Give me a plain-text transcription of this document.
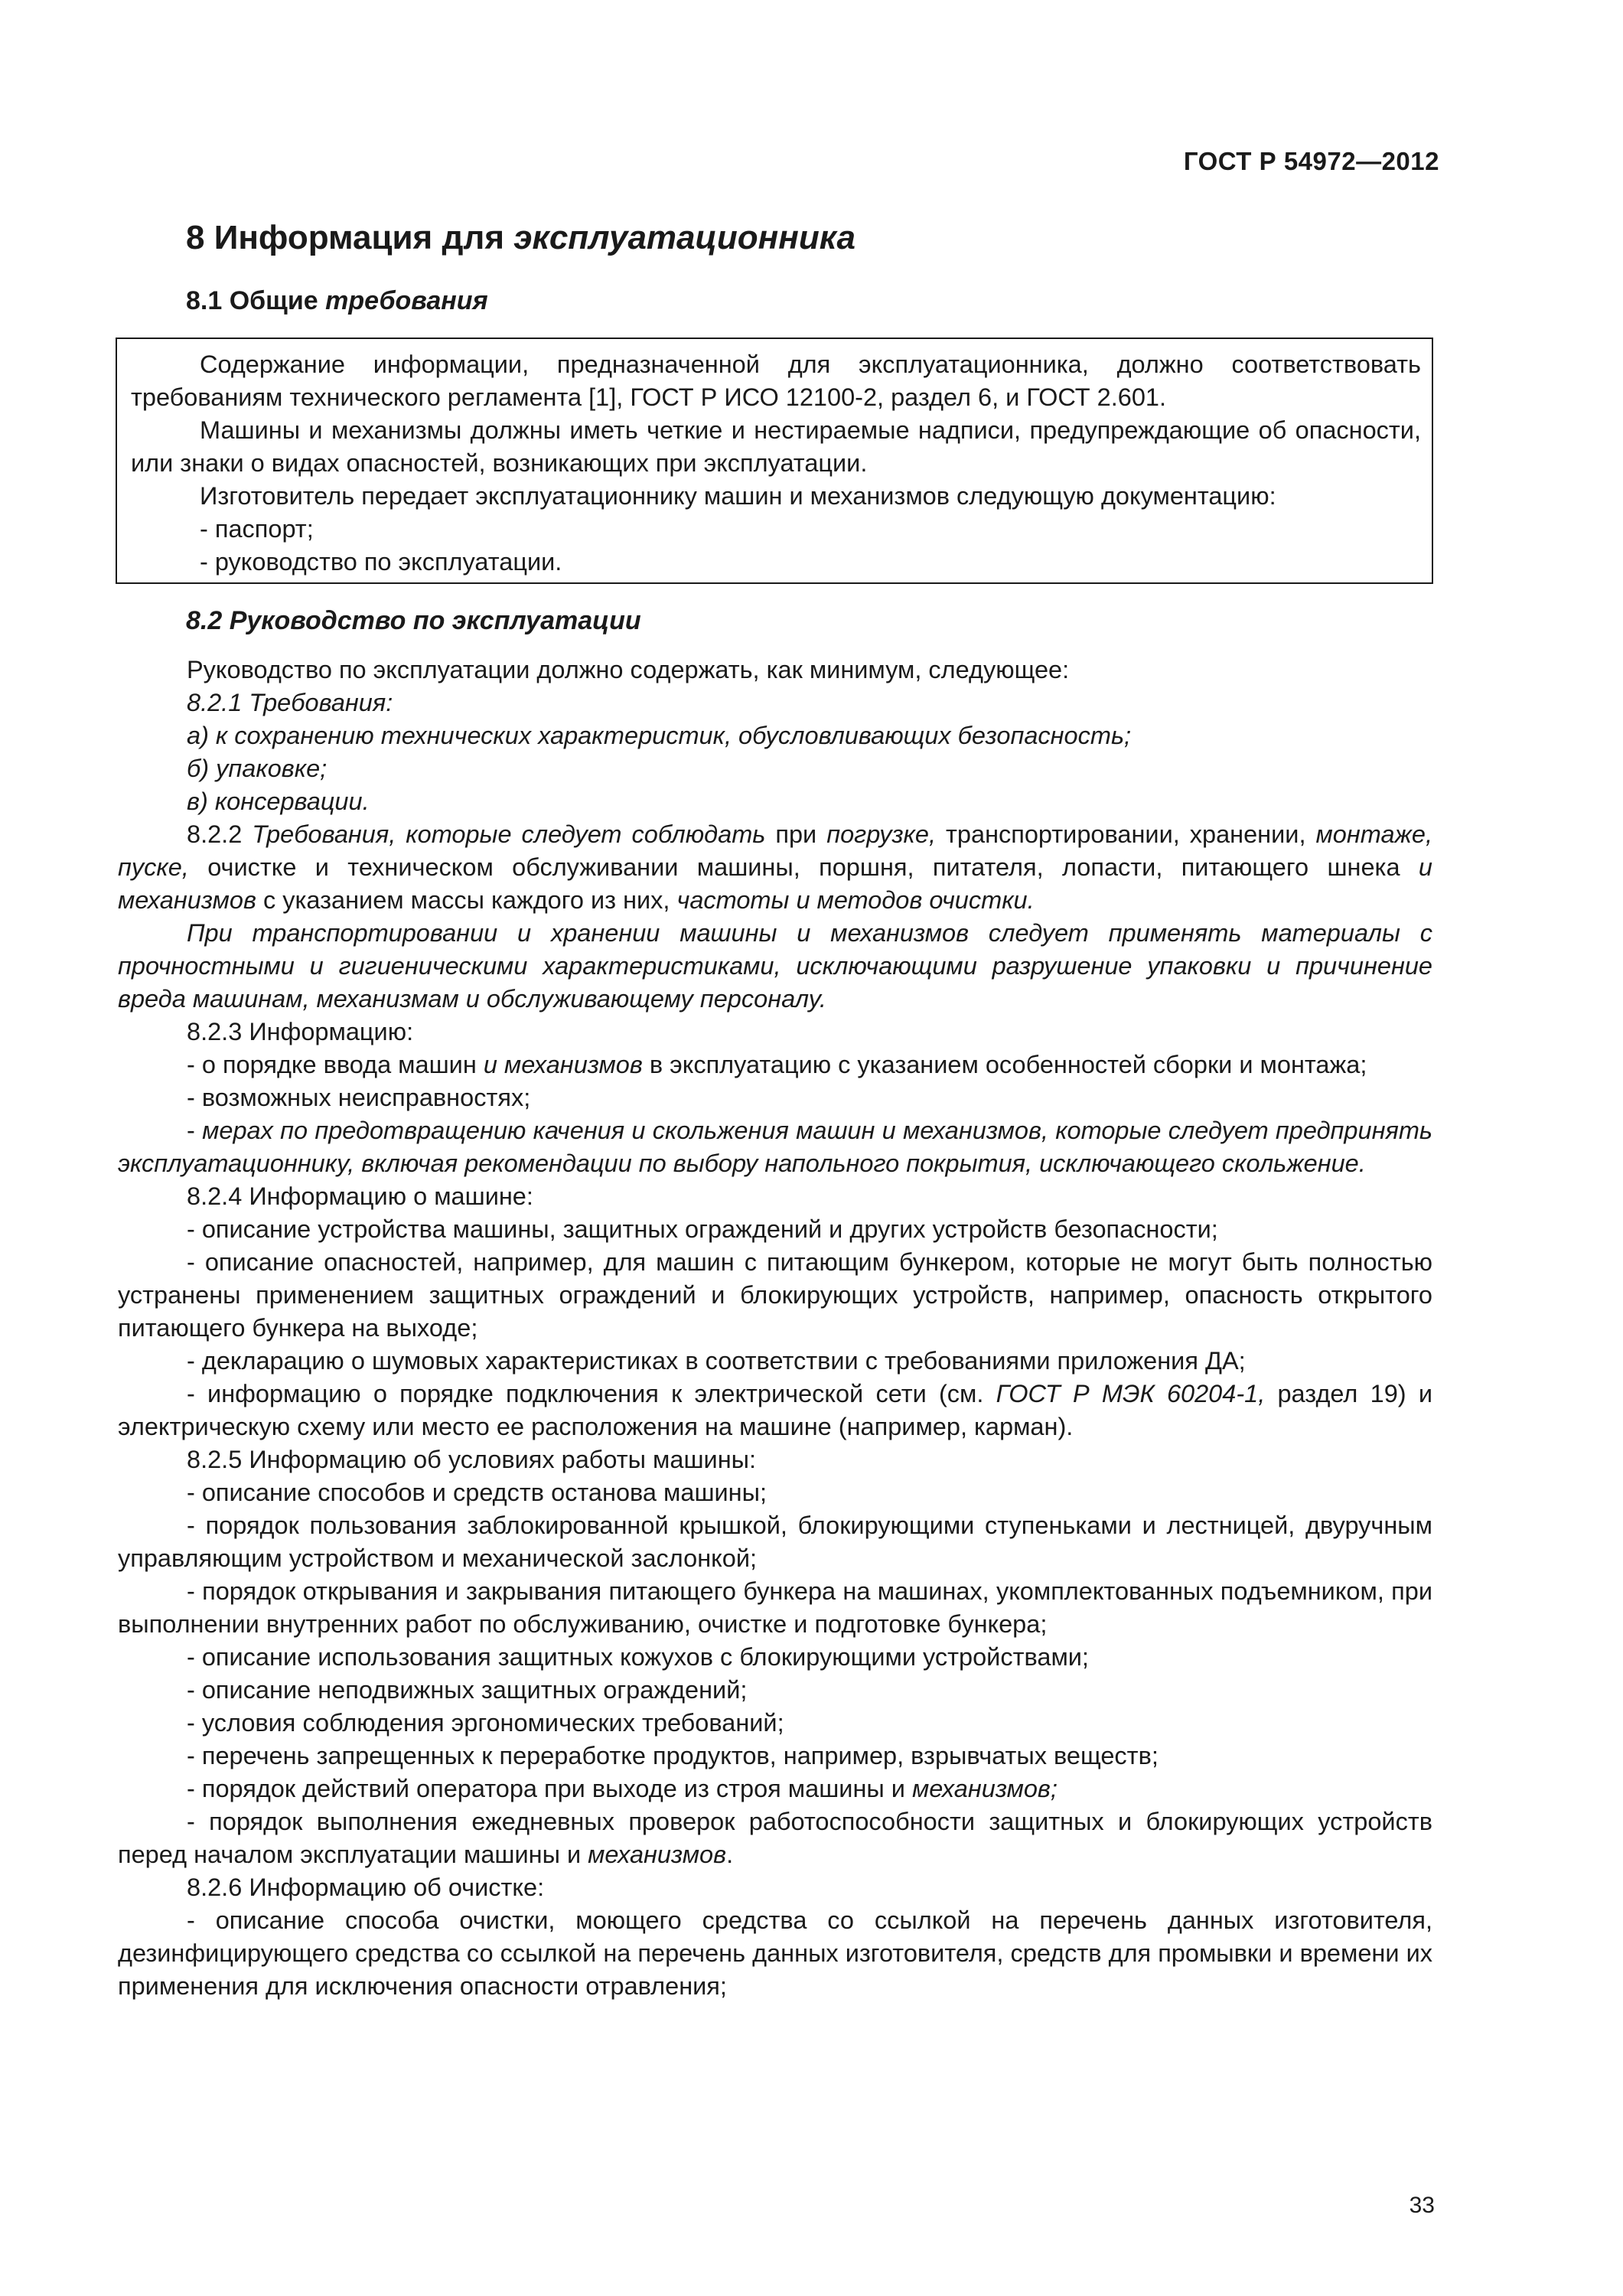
ГОСТ Р 54972—2012
8 Информация для эксплуатационника
8.1 Общие требования

Содержание информации, предназначенной для эксплуатационника, должно соответствовать требованиям технического регламента [1], ГОСТ Р ИСО 12100-2, раздел 6, и ГОСТ 2.601.

Машины и механизмы должны иметь четкие и нестираемые надписи, предупреждающие об опасности, или знаки о видах опасностей, возникающих при эксплуатации.

Изготовитель передает эксплуатационнику машин и механизмов следующую документацию:

- паспорт;

- руководство по эксплуатации.

8.2 Руководство по эксплуатации

Руководство по эксплуатации должно содержать, как минимум, следующее:

8.2.1 Требования:

а) к сохранению технических характеристик, обусловливающих безопасность;

б) упаковке;

в) консервации.

8.2.2 Требования, которые следует соблюдать при погрузке, транспортировании, хранении, монтаже, пуске, очистке и техническом обслуживании машины, поршня, питателя, лопасти, питающего шнека и механизмов с указанием массы каждого из них, частоты и методов очистки.

При транспортировании и хранении машины и механизмов следует применять материалы с прочностными и гигиеническими характеристиками, исключающими разрушение упаковки и причинение вреда машинам, механизмам и обслуживающему персоналу.

8.2.3 Информацию:

- о порядке ввода машин и механизмов в эксплуатацию с указанием особенностей сборки и монтажа;

- возможных неисправностях;

- мерах по предотвращению качения и скольжения машин и механизмов, которые следует предпринять эксплуатационнику, включая рекомендации по выбору напольного покрытия, исключающего скольжение.

8.2.4 Информацию о машине:

- описание устройства машины, защитных ограждений и других устройств безопасности;

- описание опасностей, например, для машин с питающим бункером, которые не могут быть полностью устранены применением защитных ограждений и блокирующих устройств, например, опасность открытого питающего бункера на выходе;

- декларацию о шумовых характеристиках в соответствии с требованиями приложения ДА;

- информацию о порядке подключения к электрической сети (см. ГОСТ Р МЭК 60204-1, раздел 19) и электрическую схему или место ее расположения на машине (например, карман).

8.2.5 Информацию об условиях работы машины:

- описание способов и средств останова машины;

- порядок пользования заблокированной крышкой, блокирующими ступеньками и лестницей, двуручным управляющим устройством и механической заслонкой;

- порядок открывания и закрывания питающего бункера на машинах, укомплектованных подъемником, при выполнении внутренних работ по обслуживанию, очистке и подготовке бункера;

- описание использования защитных кожухов с блокирующими устройствами;

- описание неподвижных защитных ограждений;

- условия соблюдения эргономических требований;

- перечень запрещенных к переработке продуктов, например, взрывчатых веществ;

- порядок действий оператора при выходе из строя машины и механизмов;

- порядок выполнения ежедневных проверок работоспособности защитных и блокирующих устройств перед началом эксплуатации машины и механизмов.

8.2.6 Информацию об очистке:

- описание способа очистки, моющего средства со ссылкой на перечень данных изготовителя, дезинфицирующего средства со ссылкой на перечень данных изготовителя, средств для промывки и времени их применения для исключения опасности отравления;

33
